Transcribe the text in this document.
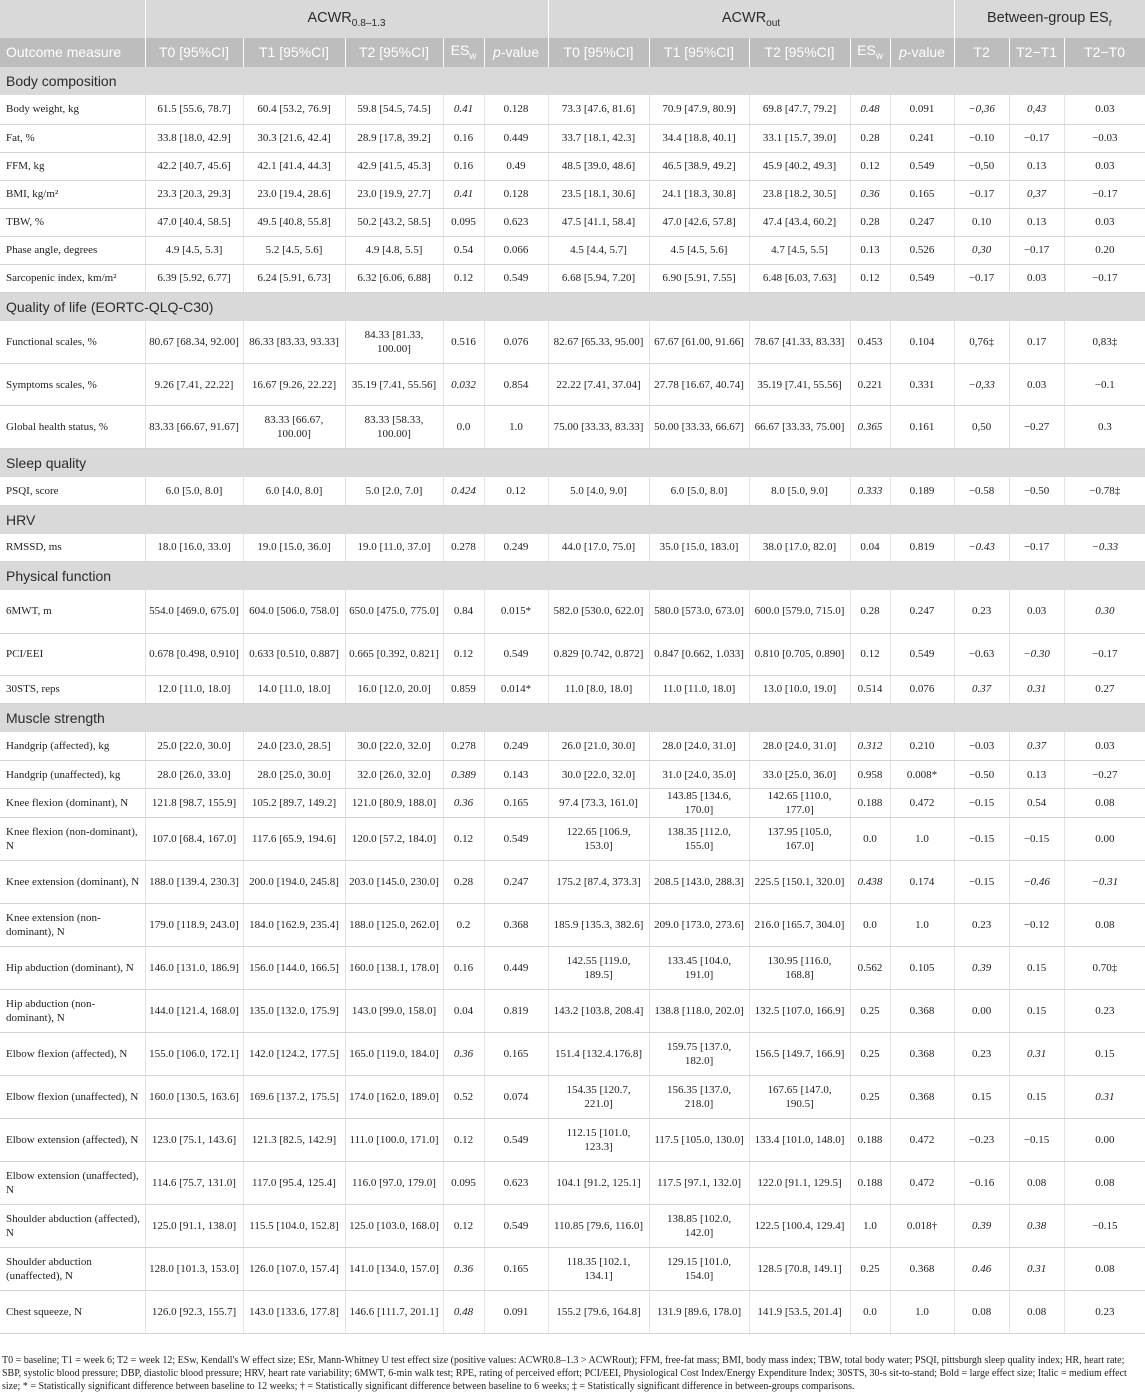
	$ACWR_{0.8-1.3}$					$ACWR_{out}$					Between-group $ES_r$
Outcome measure	T0 [95%CI]	T1 [95%CI]	T2 [95%CI]	$ES_w$	p-value	T0 [95%CI]	T1 [95%CI]	T2 [95%CI]	$ES_w$	p-value	T2	T2−T1	T2−T0
Body composition													
Body weight, kg	61.5 [55.6, 78.7]	60.4 [53.2, 76.9]	59.8 [54.5, 74.5]	0.41	0.128	73.3 [47.6, 81.6]	70.9 [47.9, 80.9]	69.8 [47.7, 79.2]	0.48	0.091	−0,36	0,43	0.03
Fat, %	33.8 [18.0, 42.9]	30.3 [21.6, 42.4]	28.9 [17.8, 39.2]	0.16	0.449	33.7 [18.1, 42.3]	34.4 [18.8, 40.1]	33.1 [15.7, 39.0]	0.28	0.241	−0.10	−0.17	−0.03
FFM, kg	42.2 [40.7, 45.6]	42.1 [41.4, 44.3]	42.9 [41.5, 45.3]	0.16	0.49	48.5 [39.0, 48.6]	46.5 [38.9, 49.2]	45.9 [40.2, 49.3]	0.12	0.549	−0,50	0.13	0.03
BMI, kg/m²	23.3 [20.3, 29.3]	23.0 [19.4, 28.6]	23.0 [19.9, 27.7]	0.41	0.128	23.5 [18.1, 30.6]	24.1 [18.3, 30.8]	23.8 [18.2, 30.5]	0.36	0.165	−0.17	0,37	−0.17
TBW, %	47.0 [40.4, 58.5]	49.5 [40.8, 55.8]	50.2 [43.2, 58.5]	0.095	0.623	47.5 [41.1, 58.4]	47.0 [42.6, 57.8]	47.4 [43.4, 60.2]	0.28	0.247	0.10	0.13	0.03
Phase angle, degrees	4.9 [4.5, 5.3]	5.2 [4.5, 5.6]	4.9 [4.8, 5.5]	0.54	0.066	4.5 [4.4, 5.7]	4.5 [4.5, 5.6]	4.7 [4.5, 5.5]	0.13	0.526	0,30	−0.17	0.20
Sarcopenic index, km/m²	6.39 [5.92, 6.77]	6.24 [5.91, 6.73]	6.32 [6.06, 6.88]	0.12	0.549	6.68 [5.94, 7.20]	6.90 [5.91, 7.55]	6.48 [6.03, 7.63]	0.12	0.549	−0.17	0.03	−0.17
Quality of life (EORTC-QLQ-C30)													
Functional scales, %	80.67 [68.34, 92.00]	86.33 [83.33, 93.33]	84.33 [81.33, 100.00]	0.516	0.076	82.67 [65.33, 95.00]	67.67 [61.00, 91.66]	78.67 [41.33, 83.33]	0.453	0.104	0,76‡	0.17	0,83‡
Symptoms scales, %	9.26 [7.41, 22.22]	16.67 [9.26, 22.22]	35.19 [7.41, 55.56]	0.032	0.854	22.22 [7.41, 37.04]	27.78 [16.67, 40.74]	35.19 [7.41, 55.56]	0.221	0.331	−0,33	0.03	−0.1
Global health status, %	83.33 [66.67, 91.67]	83.33 [66.67, 100.00]	83.33 [58.33, 100.00]	0.0	1.0	75.00 [33.33, 83.33]	50.00 [33.33, 66.67]	66.67 [33.33, 75.00]	0.365	0.161	0,50	−0.27	0.3
Sleep quality													
PSQI, score	6.0 [5.0, 8.0]	6.0 [4.0, 8.0]	5.0 [2.0, 7.0]	0.424	0.12	5.0 [4.0, 9.0]	6.0 [5.0, 8.0]	8.0 [5.0, 9.0]	0.333	0.189	−0.58	−0.50	−0.78‡
HRV													
RMSSD, ms	18.0 [16.0, 33.0]	19.0 [15.0, 36.0]	19.0 [11.0, 37.0]	0.278	0.249	44.0 [17.0, 75.0]	35.0 [15.0, 183.0]	38.0 [17.0, 82.0]	0.04	0.819	−0.43	−0.17	−0.33
Physical function													
6MWT, m	554.0 [469.0, 675.0]	604.0 [506.0, 758.0]	650.0 [475.0, 775.0]	0.84	0.015*	582.0 [530.0, 622.0]	580.0 [573.0, 673.0]	600.0 [579.0, 715.0]	0.28	0.247	0.23	0.03	0.30
PCI/EEI	0.678 [0.498, 0.910]	0.633 [0.510, 0.887]	0.665 [0.392, 0.821]	0.12	0.549	0.829 [0.742, 0.872]	0.847 [0.662, 1.033]	0.810 [0.705, 0.890]	0.12	0.549	−0.63	−0.30	−0.17
30STS, reps	12.0 [11.0, 18.0]	14.0 [11.0, 18.0]	16.0 [12.0, 20.0]	0.859	0.014*	11.0 [8.0, 18.0]	11.0 [11.0, 18.0]	13.0 [10.0, 19.0]	0.514	0.076	0.37	0.31	0.27
Muscle strength													
Handgrip (affected), kg	25.0 [22.0, 30.0]	24.0 [23.0, 28.5]	30.0 [22.0, 32.0]	0.278	0.249	26.0 [21.0, 30.0]	28.0 [24.0, 31.0]	28.0 [24.0, 31.0]	0.312	0.210	−0.03	0.37	0.03
Handgrip (unaffected), kg	28.0 [26.0, 33.0]	28.0 [25.0, 30.0]	32.0 [26.0, 32.0]	0.389	0.143	30.0 [22.0, 32.0]	31.0 [24.0, 35.0]	33.0 [25.0, 36.0]	0.958	0.008*	−0.50	0.13	−0.27
Knee flexion (dominant), N	121.8 [98.7, 155.9]	105.2 [89.7, 149.2]	121.0 [80.9, 188.0]	0.36	0.165	97.4 [73.3, 161.0]	143.85 [134.6, 170.0]	142.65 [110.0, 177.0]	0.188	0.472	−0.15	0.54	0.08
Knee flexion (non-dominant), N	107.0 [68.4, 167.0]	117.6 [65.9, 194.6]	120.0 [57.2, 184.0]	0.12	0.549	122.65 [106.9, 153.0]	138.35 [112.0, 155.0]	137.95 [105.0, 167.0]	0.0	1.0	−0.15	−0.15	0.00
Knee extension (dominant), N	188.0 [139.4, 230.3]	200.0 [194.0, 245.8]	203.0 [145.0, 230.0]	0.28	0.247	175.2 [87.4, 373.3]	208.5 [143.0, 288.3]	225.5 [150.1, 320.0]	0.438	0.174	−0.15	−0.46	−0.31
Knee extension (non-dominant), N	179.0 [118.9, 243.0]	184.0 [162.9, 235.4]	188.0 [125.0, 262.0]	0.2	0.368	185.9 [135.3, 382.6]	209.0 [173.0, 273.6]	216.0 [165.7, 304.0]	0.0	1.0	0.23	−0.12	0.08
Hip abduction (dominant), N	146.0 [131.0, 186.9]	156.0 [144.0, 166.5]	160.0 [138.1, 178.0]	0.16	0.449	142.55 [119.0, 189.5]	133.45 [104.0, 191.0]	130.95 [116.0, 168.8]	0.562	0.105	0.39	0.15	0.70‡
Hip abduction (non-dominant), N	144.0 [121.4, 168.0]	135.0 [132.0, 175.9]	143.0 [99.0, 158.0]	0.04	0.819	143.2 [103.8, 208.4]	138.8 [118.0, 202.0]	132.5 [107.0, 166.9]	0.25	0.368	0.00	0.15	0.23
Elbow flexion (affected), N	155.0 [106.0, 172.1]	142.0 [124.2, 177.5]	165.0 [119.0, 184.0]	0.36	0.165	151.4 [132.4.176.8]	159.75 [137.0, 182.0]	156.5 [149.7, 166.9]	0.25	0.368	0.23	0.31	0.15
Elbow flexion (unaffected), N	160.0 [130.5, 163.6]	169.6 [137.2, 175.5]	174.0 [162.0, 189.0]	0.52	0.074	154.35 [120.7, 221.0]	156.35 [137.0, 218.0]	167.65 [147.0, 190.5]	0.25	0.368	0.15	0.15	0.31
Elbow extension (affected), N	123.0 [75.1, 143.6]	121.3 [82.5, 142.9]	111.0 [100.0, 171.0]	0.12	0.549	112.15 [101.0, 123.3]	117.5 [105.0, 130.0]	133.4 [101.0, 148.0]	0.188	0.472	−0.23	−0.15	0.00
Elbow extension (unaffected), N	114.6 [75.7, 131.0]	117.0 [95.4, 125.4]	116.0 [97.0, 179.0]	0.095	0.623	104.1 [91.2, 125.1]	117.5 [97.1, 132.0]	122.0 [91.1, 129.5]	0.188	0.472	−0.16	0.08	0.08
Shoulder abduction (affected), N	125.0 [91.1, 138.0]	115.5 [104.0, 152.8]	125.0 [103.0, 168.0]	0.12	0.549	110.85 [79.6, 116.0]	138.85 [102.0, 142.0]	122.5 [100.4, 129.4]	1.0	0.018†	0.39	0.38	−0.15
Shoulder abduction (unaffected), N	128.0 [101.3, 153.0]	126.0 [107.0, 157.4]	141.0 [134.0, 157.0]	0.36	0.165	118.35 [102.1, 134.1]	129.15 [101.0, 154.0]	128.5 [70.8, 149.1]	0.25	0.368	0.46	0.31	0.08
Chest squeeze, N	126.0 [92.3, 155.7]	143.0 [133.6, 177.8]	146.6 [111.7, 201.1]	0.48	0.091	155.2 [79.6, 164.8]	131.9 [89.6, 178.0]	141.9 [53.5, 201.4]	0.0	1.0	0.08	0.08	0.23
T0 = baseline; T1 = week 6; T2 = week 12; ESw, Kendall's W effect size; ESr, Mann-Whitney U test effect size (positive values: ACWR0.8–1.3 > ACWRout); FFM, free-fat mass; BMI, body mass index; TBW, total body water; PSQI, pittsburgh sleep quality index; HR, heart rate; SBP, systolic blood pressure; DBP, diastolic blood pressure; HRV, heart rate variability; 6MWT, 6-min walk test; RPE, rating of perceived effort; PCI/EEI, Physiological Cost Index/Energy Expenditure Index; 30STS, 30-s sit-to-stand; Bold = large effect size; Italic = medium effect size; * = Statistically significant difference between baseline to 12 weeks; † = Statistically significant difference between baseline to 6 weeks; ‡ = Statistically significant difference in between-groups comparisons.
